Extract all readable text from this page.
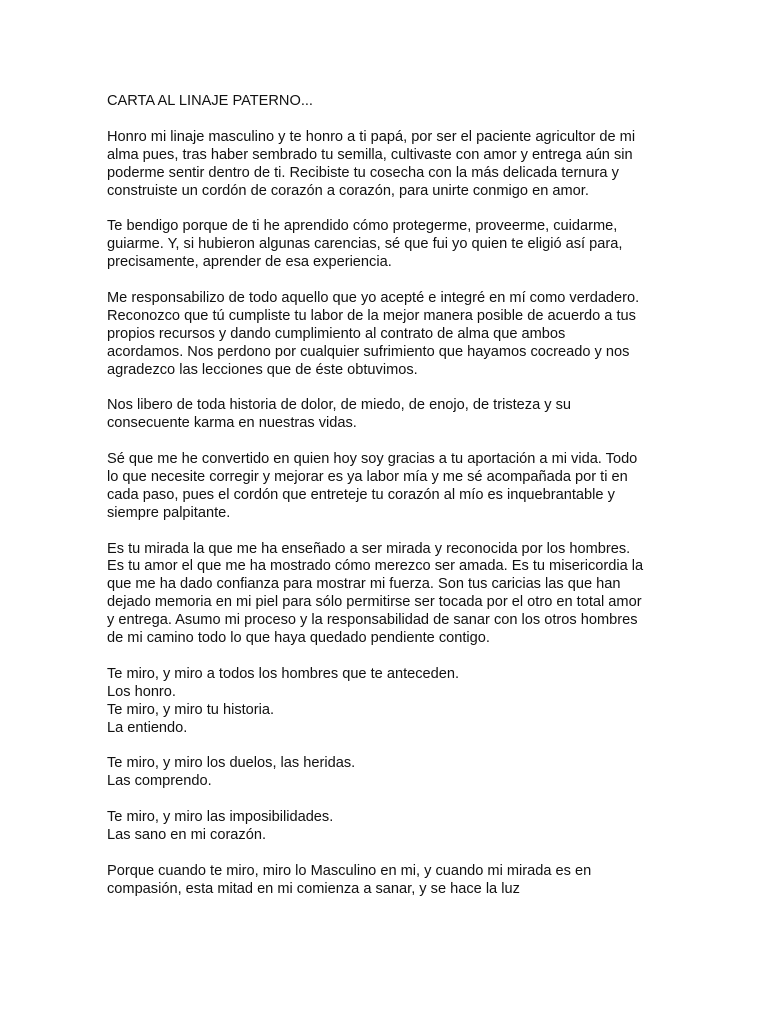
CARTA AL LINAJE PATERNO...
Honro mi linaje masculino y te honro a ti papá, por ser el paciente agricultor de mi
alma pues, tras haber sembrado tu semilla, cultivaste con amor y entrega aún sin
poderme sentir dentro de ti. Recibiste tu cosecha con la más delicada ternura y
construiste un cordón de corazón a corazón, para unirte conmigo en amor.
Te bendigo porque de ti he aprendido cómo protegerme, proveerme, cuidarme,
guiarme. Y, si hubieron algunas carencias, sé que fui yo quien te eligió así para,
precisamente, aprender de esa experiencia.
Me responsabilizo de todo aquello que yo acepté e integré en mí como verdadero.
Reconozco que tú cumpliste tu labor de la mejor manera posible de acuerdo a tus
propios recursos y dando cumplimiento al contrato de alma que ambos
acordamos. Nos perdono por cualquier sufrimiento que hayamos cocreado y nos
agradezco las lecciones que de éste obtuvimos.
Nos libero de toda historia de dolor, de miedo, de enojo, de tristeza y su
consecuente karma en nuestras vidas.
Sé que me he convertido en quien hoy soy gracias a tu aportación a mi vida. Todo
lo que necesite corregir y mejorar es ya labor mía y me sé acompañada por ti en
cada paso, pues el cordón que entreteje tu corazón al mío es inquebrantable y
siempre palpitante.
Es tu mirada la que me ha enseñado a ser mirada y reconocida por los hombres.
Es tu amor el que me ha mostrado cómo merezco ser amada. Es tu misericordia la
que me ha dado confianza para mostrar mi fuerza. Son tus caricias las que han
dejado memoria en mi piel para sólo permitirse ser tocada por el otro en total amor
y entrega. Asumo mi proceso y la responsabilidad de sanar con los otros hombres
de mi camino todo lo que haya quedado pendiente contigo.
Te miro, y miro a todos los hombres que te anteceden.
Los honro.
Te miro, y miro tu historia.
La entiendo.
Te miro, y miro los duelos, las heridas.
Las comprendo.
Te miro, y miro las imposibilidades.
Las sano en mi corazón.
Porque cuando te miro, miro lo Masculino en mi, y cuando mi mirada es en
compasión, esta mitad en mi comienza a sanar, y se hace la luz
